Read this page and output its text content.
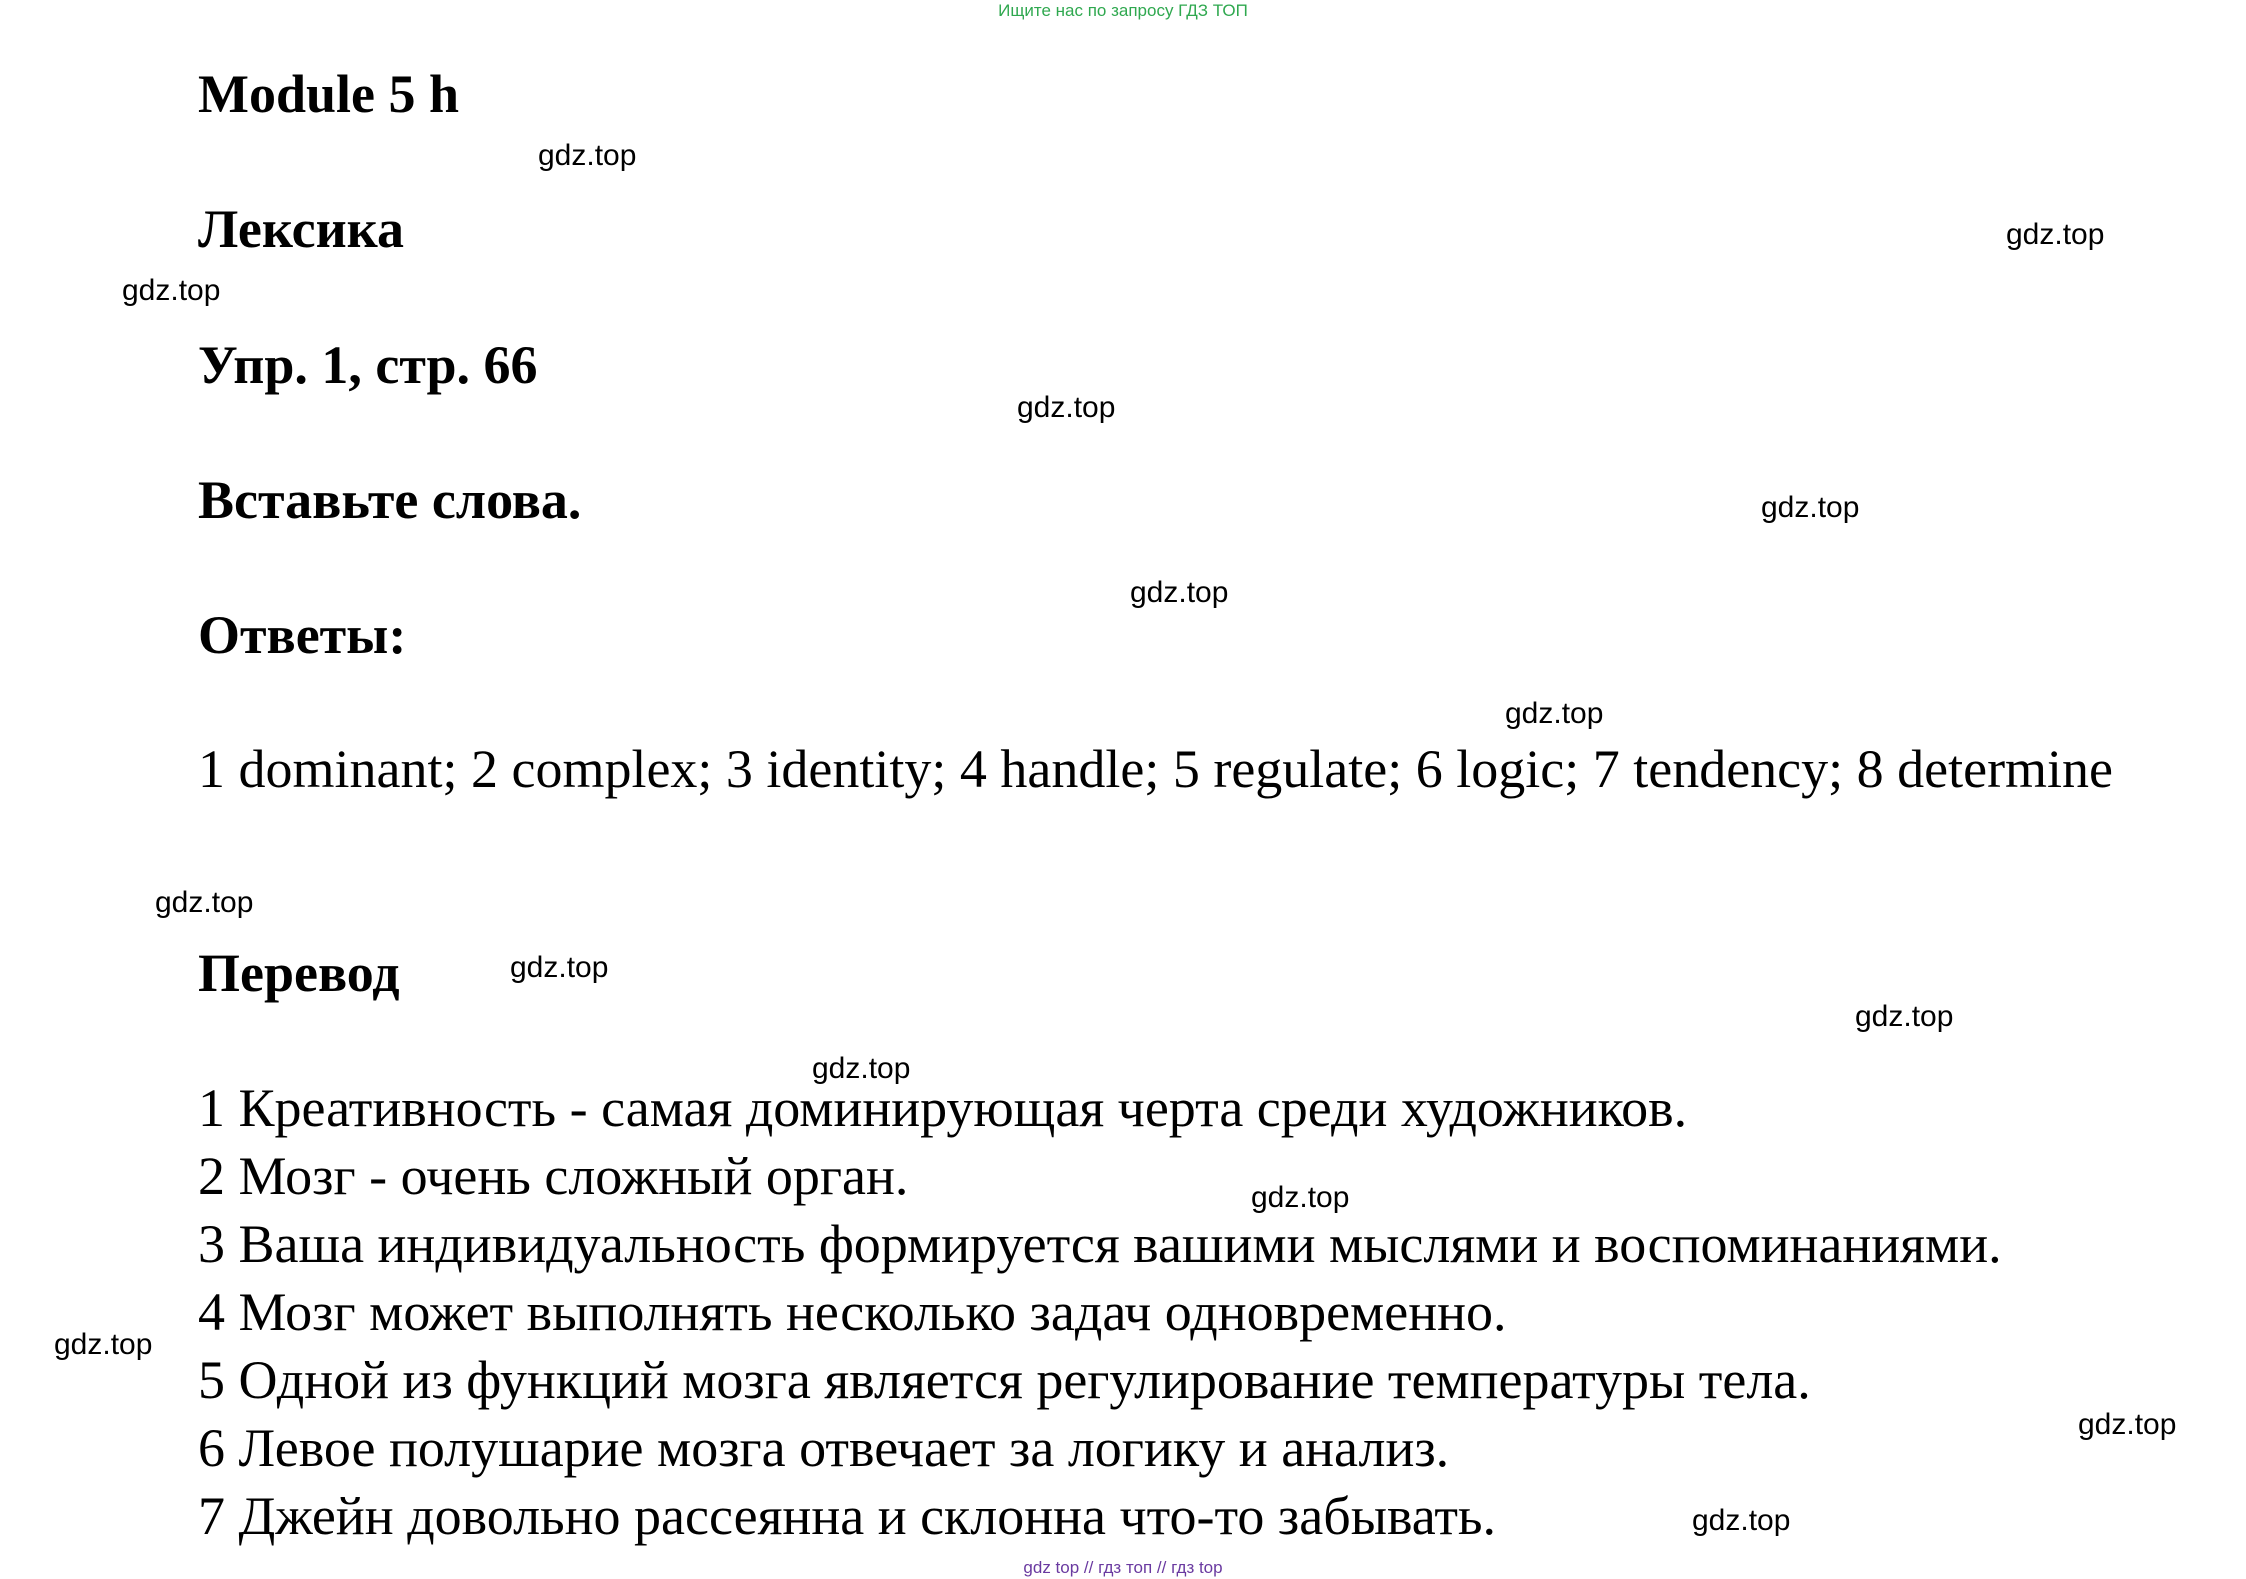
Ищите нас по запросу ГДЗ ТОП
Module 5 h
Лексика
Упр. 1, стр. 66
Вставьте слова.
Ответы:
1 dominant; 2 complex; 3 identity; 4 handle; 5 regulate; 6 logic; 7 tendency; 8 determine
Перевод
1 Креативность - самая доминирующая черта среди художников.
2 Мозг - очень сложный орган.
3 Ваша индивидуальность формируется вашими мыслями и воспоминаниями.
4 Мозг может выполнять несколько задач одновременно.
5 Одной из функций мозга является регулирование температуры тела.
6 Левое полушарие мозга отвечает за логику и анализ.
7 Джейн довольно рассеянна и склонна что-то забывать.
gdz.top
gdz.top
gdz.top
gdz.top
gdz.top
gdz.top
gdz.top
gdz.top
gdz.top
gdz.top
gdz.top
gdz.top
gdz.top
gdz.top
gdz.top
gdz top // гдз топ // гдз top
